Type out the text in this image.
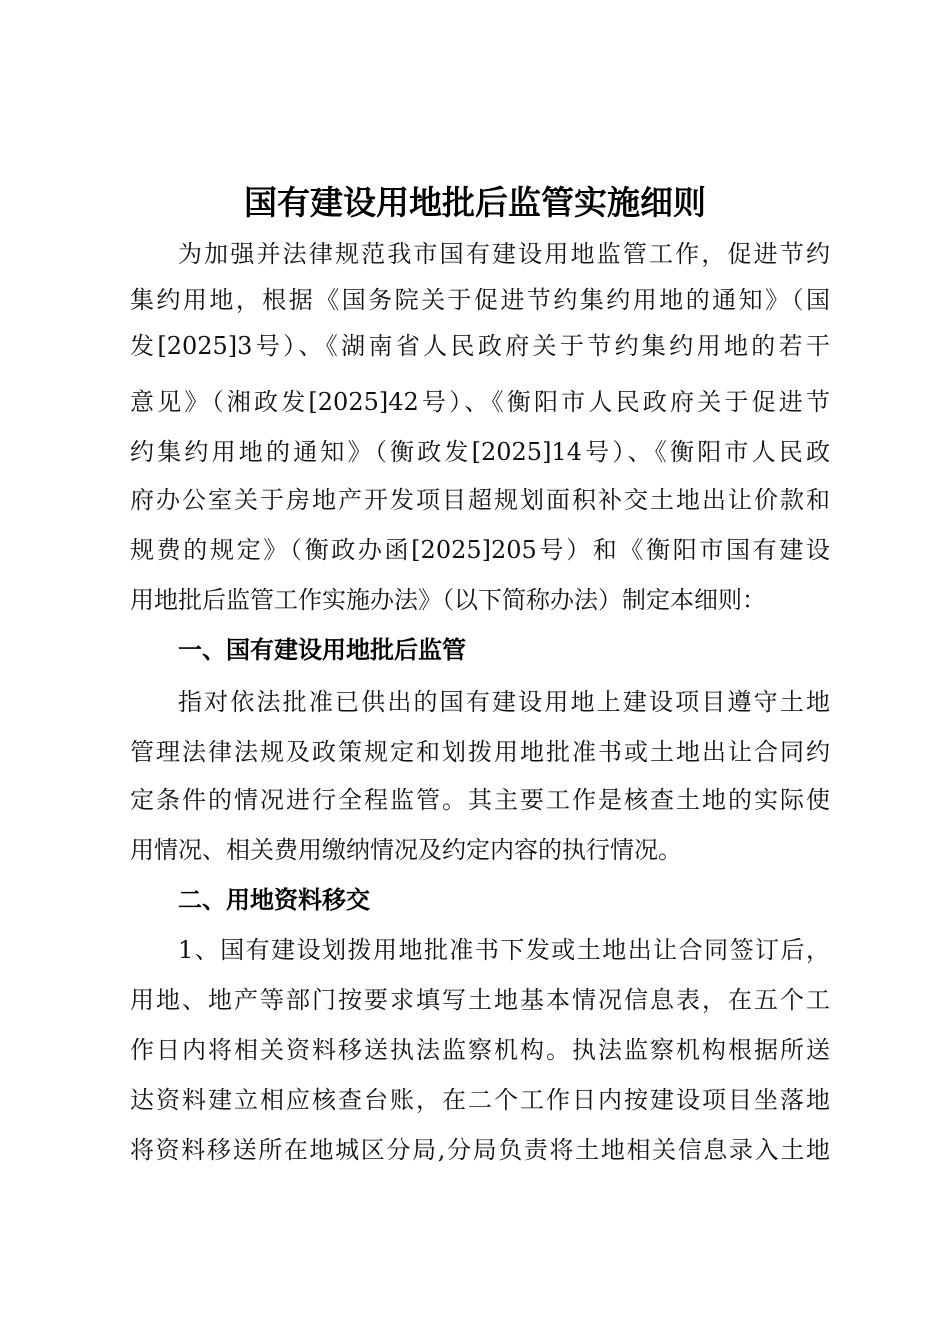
国有建设用地批后监管实施细则
为加强并法律规范我市国有建设用地监管工作，促进节约
集约用地，根据《国务院关于促进节约集约用地的通知》（国
发[2025]3号）、《湖南省人民政府关于节约集约用地的若干
意见》（湘政发[2025]42号）、《衡阳市人民政府关于促进节
约集约用地的通知》（衡政发[2025]14号）、《衡阳市人民政
府办公室关于房地产开发项目超规划面积补交土地出让价款和
规费的规定》（衡政办函[2025]205号）和《衡阳市国有建设
用地批后监管工作实施办法》（以下简称办法）制定本细则：
一、国有建设用地批后监管
指对依法批准已供出的国有建设用地上建设项目遵守土地
管理法律法规及政策规定和划拨用地批准书或土地出让合同约
定条件的情况进行全程监管。其主要工作是核查土地的实际使
用情况、相关费用缴纳情况及约定内容的执行情况。
二、用地资料移交
1、国有建设划拨用地批准书下发或土地出让合同签订后，
用地、地产等部门按要求填写土地基本情况信息表，在五个工
作日内将相关资料移送执法监察机构。执法监察机构根据所送
达资料建立相应核查台账，在二个工作日内按建设项目坐落地
将资料移送所在地城区分局,分局负责将土地相关信息录入土地
